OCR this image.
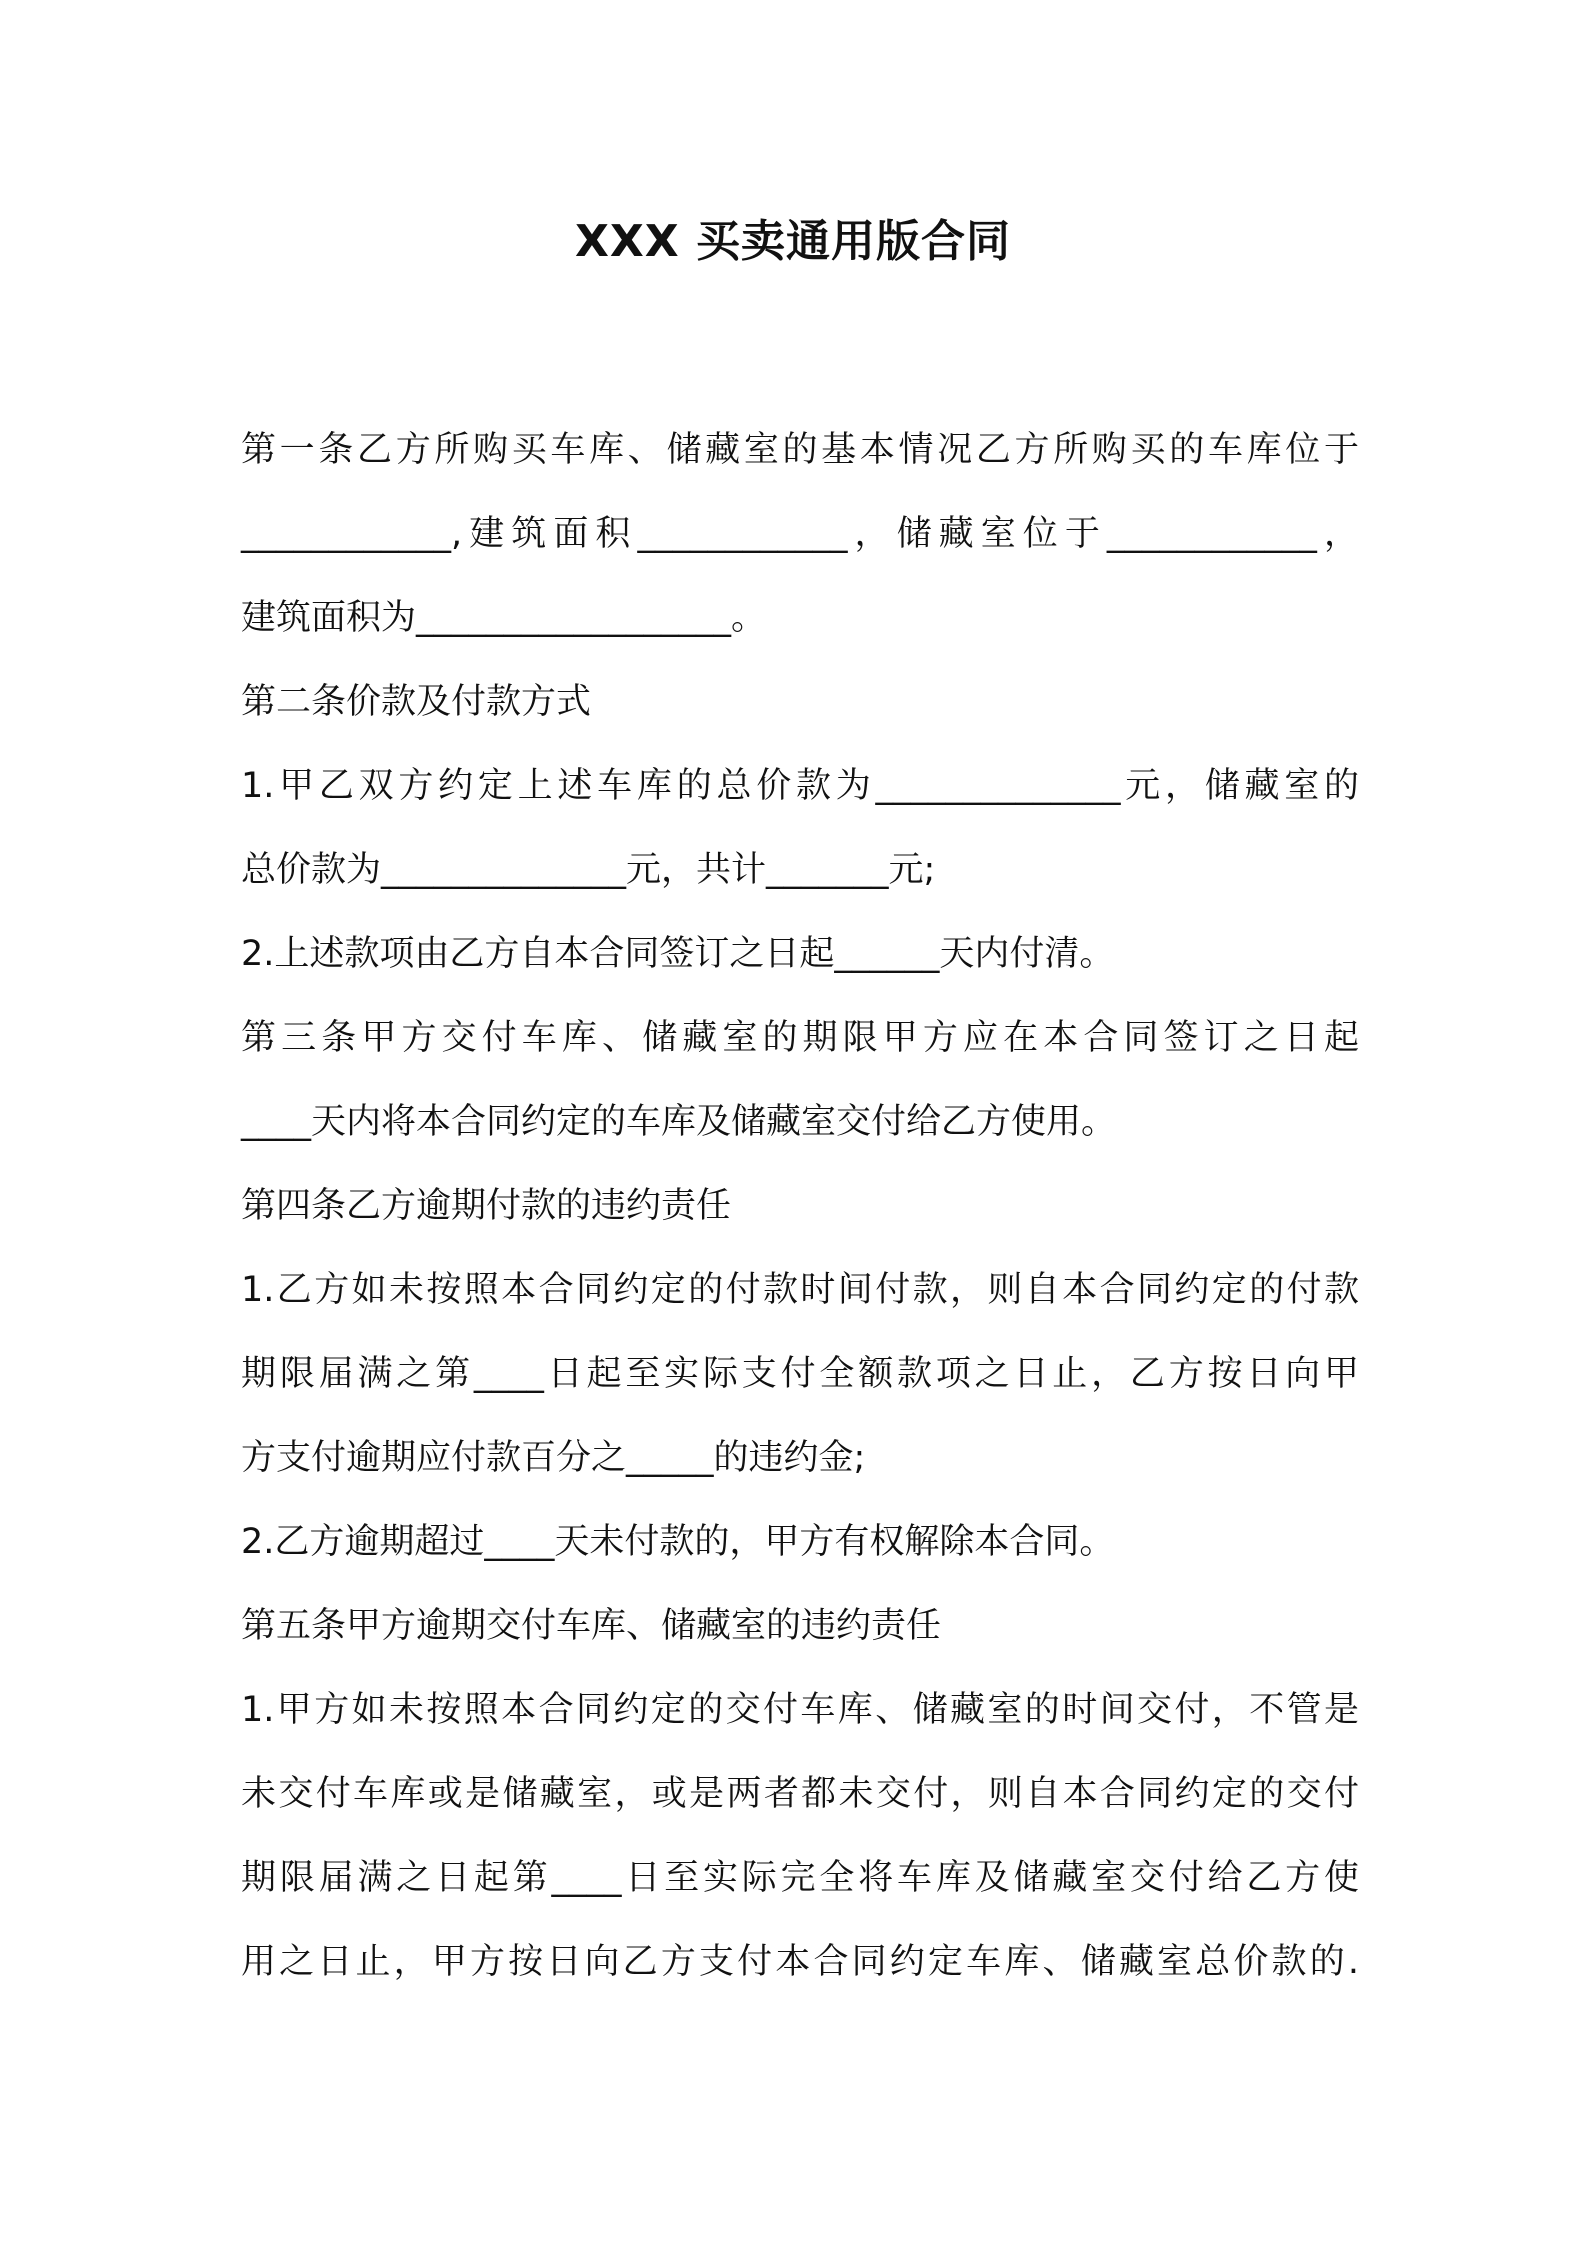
XXX 买卖通用版合同

第一条乙方所购买车库、储藏室的基本情况乙方所购买的车库位于

____________,建筑面积____________，储藏室位于____________，

建筑面积为__________________。

第二条价款及付款方式

1.甲乙双方约定上述车库的总价款为______________元，储藏室的

总价款为______________元，共计_______元;

2.上述款项由乙方自本合同签订之日起______天内付清。

第三条甲方交付车库、储藏室的期限甲方应在本合同签订之日起

____天内将本合同约定的车库及储藏室交付给乙方使用。

第四条乙方逾期付款的违约责任

1.乙方如未按照本合同约定的付款时间付款，则自本合同约定的付款

期限届满之第____日起至实际支付全额款项之日止，乙方按日向甲

方支付逾期应付款百分之_____的违约金;

2.乙方逾期超过____天未付款的，甲方有权解除本合同。

第五条甲方逾期交付车库、储藏室的违约责任

1.甲方如未按照本合同约定的交付车库、储藏室的时间交付，不管是

未交付车库或是储藏室，或是两者都未交付，则自本合同约定的交付

期限届满之日起第____日至实际完全将车库及储藏室交付给乙方使

用之日止，甲方按日向乙方支付本合同约定车库、储藏室总价款的.
